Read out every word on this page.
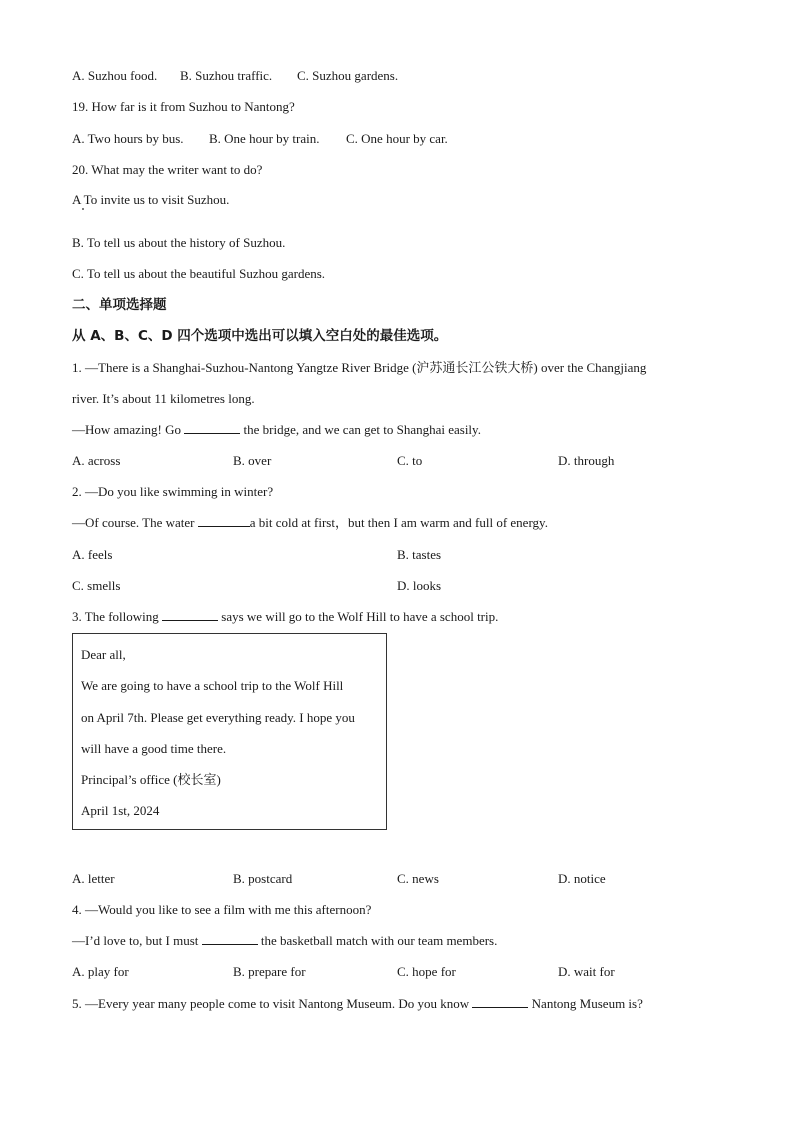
A. Suzhou food. B. Suzhou traffic. C. Suzhou gardens.
19. How far is it from Suzhou to Nantong?
A. Two hours by bus. B. One hour by train. C. One hour by car.
20. What may the writer want to do?
A To invite us to visit Suzhou.
B. To tell us about the history of Suzhou.
C. To tell us about the beautiful Suzhou gardens.
二、单项选择题
从 A、B、C、D 四个选项中选出可以填入空白处的最佳选项。
1. —There is a Shanghai-Suzhou-Nantong Yangtze River Bridge (沪苏通长江公铁大桥) over the Changjiang
river. It’s about 11 kilometres long.
—How amazing! Go	the bridge, and we can get to Shanghai easily.
A. across	B. over	C. to	D. through
2. —Do you like swimming in winter?
—Of course. The water	a bit cold at first，but then I am warm and full of energy.
A. feels	B. tastes
C. smells	D. looks
3. The following	says we will go to the Wolf Hill to have a school trip.
Dear all,
We are going to have a school trip to the Wolf Hill
on April 7th. Please get everything ready. I hope you
will have a good time there.
Principal’s office (校长室)
April 1st, 2024
A. letter	B. postcard	C. news	D. notice
4. —Would you like to see a film with me this afternoon?
—I’d love to, but I must	the basketball match with our team members.
A. play for	B. prepare for	C. hope for	D. wait for
5. —Every year many people come to visit Nantong Museum. Do you know	Nantong Museum is?
